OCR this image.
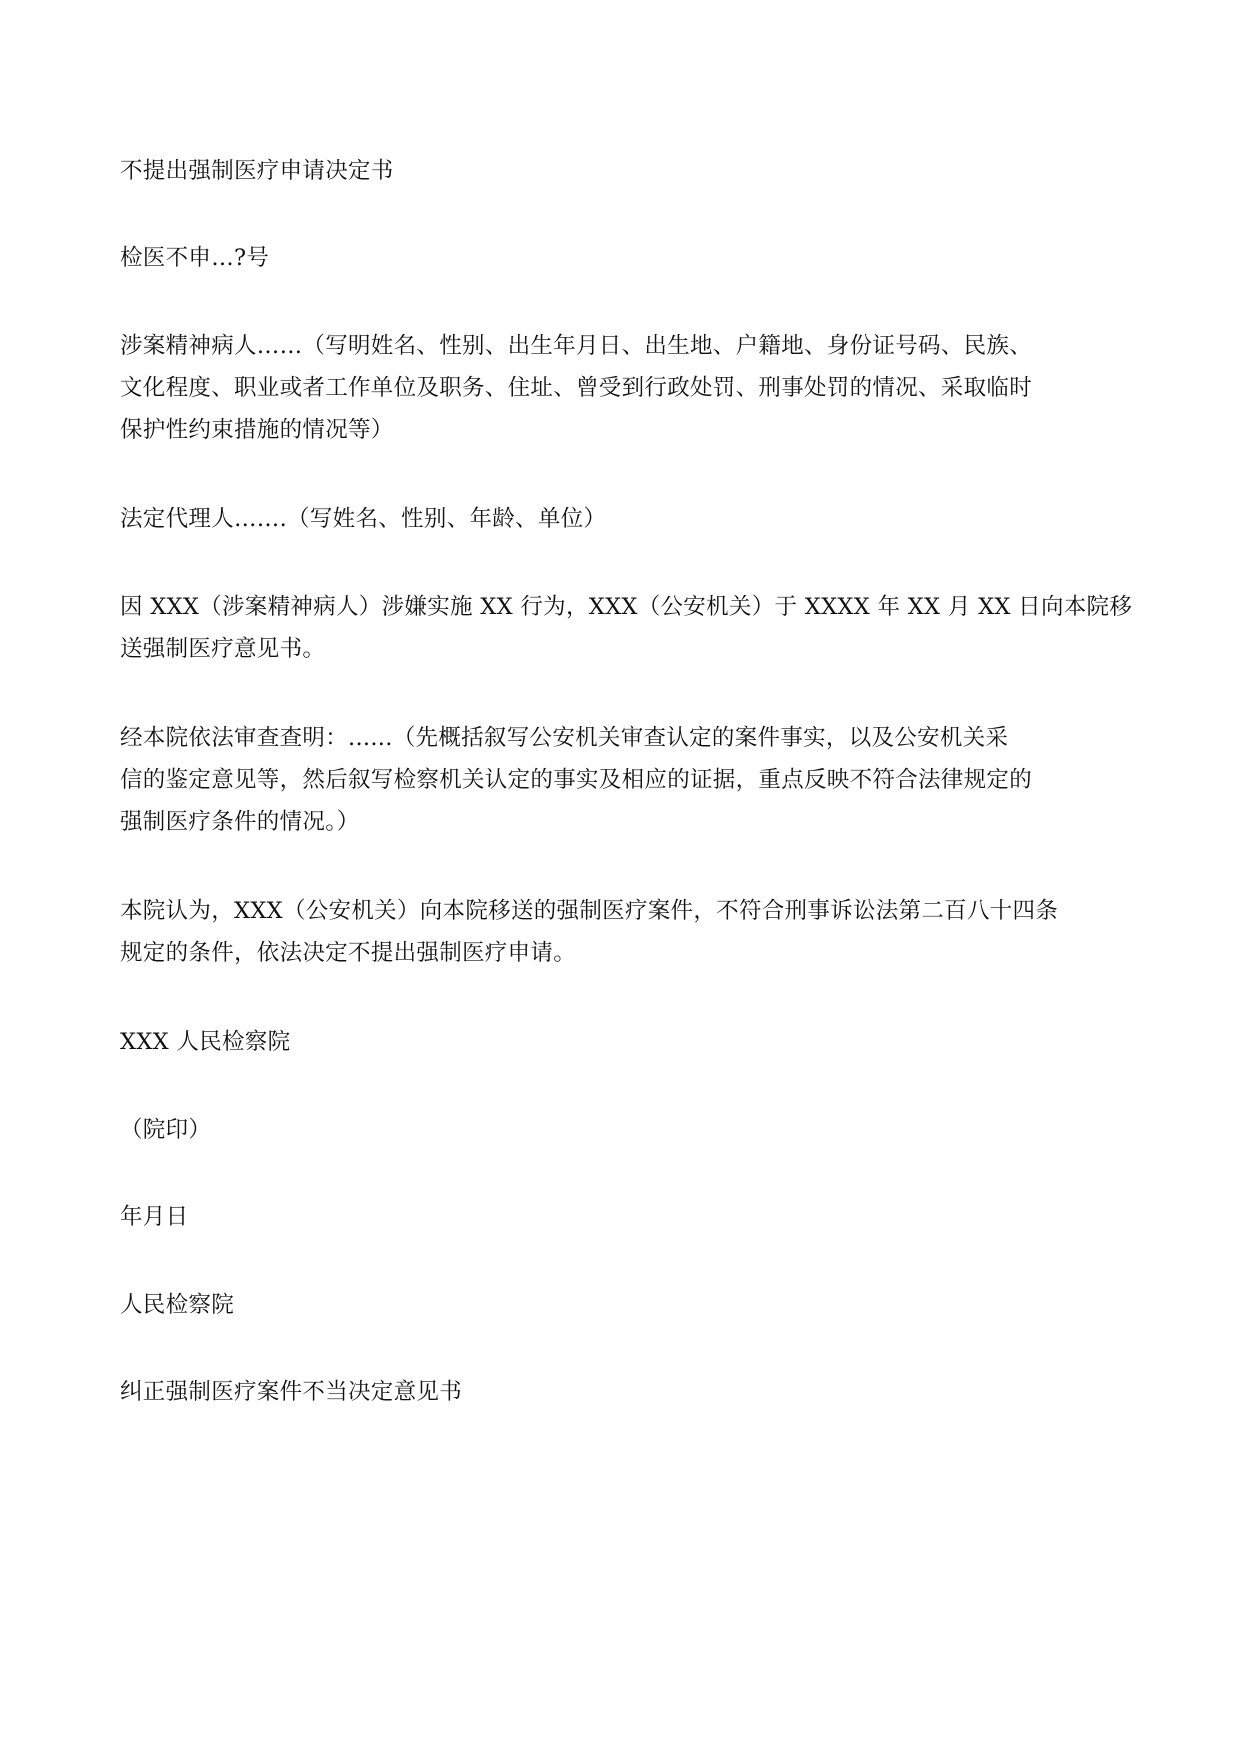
不提出强制医疗申请决定书
检医不申…?号
涉案精神病人……（写明姓名、性别、出生年月日、出生地、户籍地、身份证号码、民族、
文化程度、职业或者工作单位及职务、住址、曾受到行政处罚、刑事处罚的情况、采取临时
保护性约束措施的情况等）
法定代理人…….（写姓名、性别、年龄、单位）
因 XXX（涉案精神病人）涉嫌实施 XX 行为，XXX（公安机关）于 XXXX 年 XX 月 XX 日向本院移
送强制医疗意见书。
经本院依法审查查明：......（先概括叙写公安机关审查认定的案件事实，以及公安机关采
信的鉴定意见等，然后叙写检察机关认定的事实及相应的证据，重点反映不符合法律规定的
强制医疗条件的情况。）
本院认为，XXX（公安机关）向本院移送的强制医疗案件，不符合刑事诉讼法第二百八十四条
规定的条件，依法决定不提出强制医疗申请。
XXX 人民检察院
（院印）
年月日
人民检察院
纠正强制医疗案件不当决定意见书
